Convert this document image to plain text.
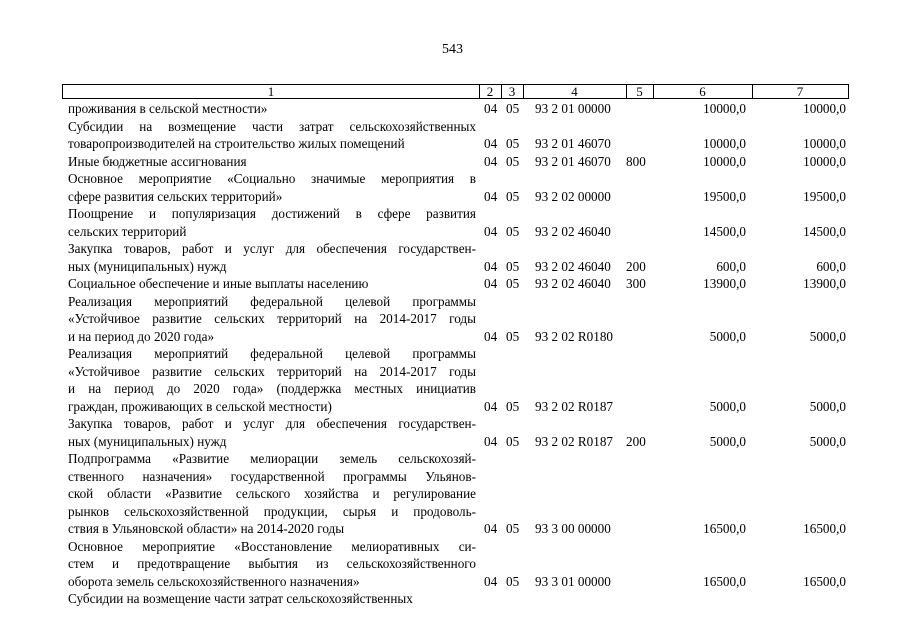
543
1	2	3	4	5	6	7
проживания в сельской местности»	04 05 93 2 01 00000	10000,0	10000,0
Субсидии на возмещение части затрат сельскохозяйственных
товаропроизводителей на строительство жилых помещений	04 05 93 2 01 46070	10000,0	10000,0
Иные бюджетные ассигнования	04 05 93 2 01 46070 800	10000,0	10000,0
Основное мероприятие «Социально значимые мероприятия в
сфере развития сельских территорий»	04 05 93 2 02 00000	19500,0	19500,0
Поощрение и популяризация достижений в сфере развития
сельских территорий	04 05 93 2 02 46040	14500,0	14500,0
Закупка товаров, работ и услуг для обеспечения государствен-
ных (муниципальных) нужд	04 05 93 2 02 46040 200	600,0	600,0
Социальное обеспечение и иные выплаты населению	04 05 93 2 02 46040 300	13900,0	13900,0
Реализация мероприятий федеральной целевой программы
«Устойчивое развитие сельских территорий на 2014-2017 годы
и на период до 2020 года»	04 05 93 2 02 R0180	5000,0	5000,0
Реализация мероприятий федеральной целевой программы
«Устойчивое развитие сельских территорий на 2014-2017 годы
и на период до 2020 года» (поддержка местных инициатив
граждан, проживающих в сельской местности)	04 05 93 2 02 R0187	5000,0	5000,0
Закупка товаров, работ и услуг для обеспечения государствен-
ных (муниципальных) нужд	04 05 93 2 02 R0187 200	5000,0	5000,0
Подпрограмма «Развитие мелиорации земель сельскохозяй-
ственного назначения» государственной программы Ульянов-
ской области «Развитие сельского хозяйства и регулирование
рынков сельскохозяйственной продукции, сырья и продоволь-
ствия в Ульяновской области» на 2014-2020 годы	04 05 93 3 00 00000	16500,0	16500,0
Основное мероприятие «Восстановление мелиоративных си-
стем и предотвращение выбытия из сельскохозяйственного
оборота земель сельскохозяйственного назначения»	04 05 93 3 01 00000	16500,0	16500,0
Субсидии на возмещение части затрат сельскохозяйственных
